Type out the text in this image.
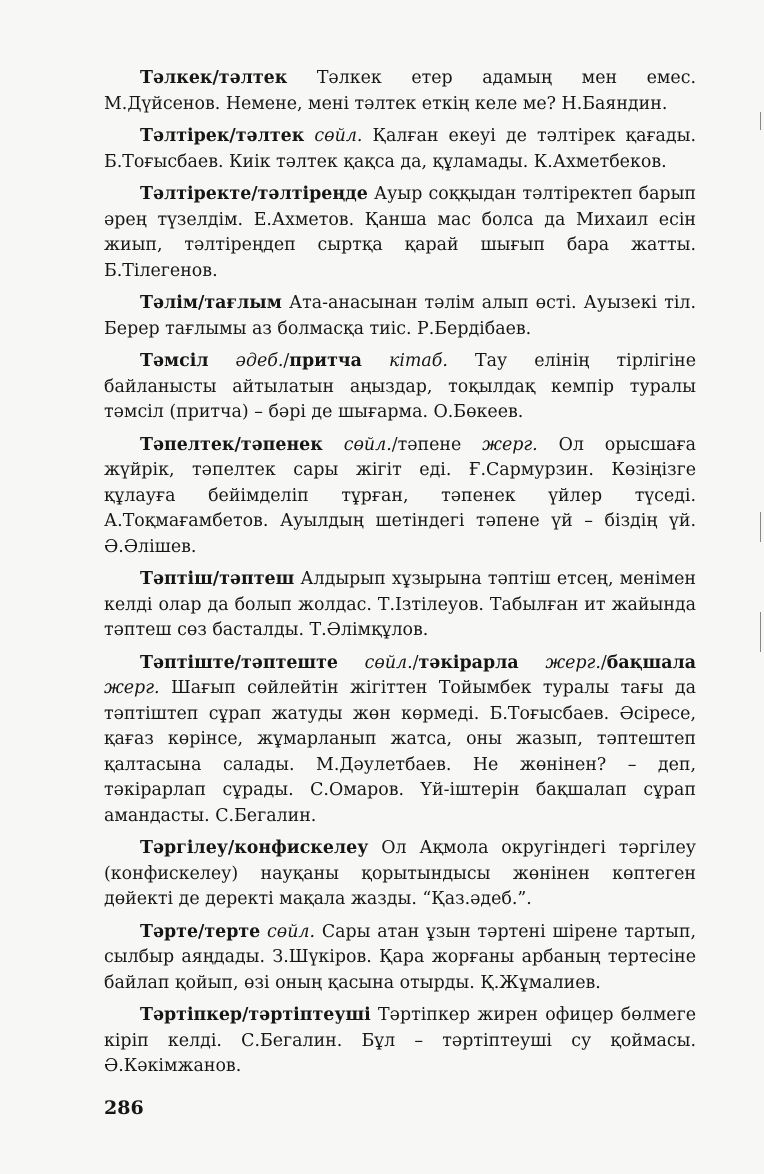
Тәлкек/тәлтек Тәлкек етер адамың мен емес. М.Дүйсенов. Немене, мені тәлтек еткің келе ме? Н.Баяндин.

Тәлтірек/тәлтек сөйл. Қалған екеуі де тәлтірек қағады. Б.Тоғысбаев. Киік тәлтек қақса да, құламады. К.Ахметбеков.

Тәлтіректе/тәлтіреңде Ауыр соққыдан тәлтіректеп барып әрең түзелдім. Е.Ахметов. Қанша мас болса да Михаил есін жиып, тәлтіреңдеп сыртқа қарай шығып бара жатты. Б.Тілегенов.

Тәлім/тағлым Ата-анасынан тәлім алып өсті. Ауызекі тіл. Берер тағлымы аз болмасқа тиіс. Р.Бердібаев.

Тәмсіл әдеб./притча кітаб. Тау елінің тірлігіне байланысты айтылатын аңыздар, тоқылдақ кемпір туралы тәмсіл (притча) – бәрі де шығарма. О.Бөкеев.

Тәпелтек/тәпенек сөйл./тәпене жерг. Ол орысшаға жүйрік, тәпелтек сары жігіт еді. Ғ.Сармурзин. Көзіңізге құлауға бейімделіп тұрған, тәпенек үйлер түседі. А.Тоқмағамбетов. Ауылдың шетіндегі тәпене үй – біздің үй. Ә.Әлішев.

Тәптіш/тәптеш Алдырып хұзырына тәптіш етсең, менімен келді олар да болып жолдас. Т.Ізтілеуов. Табылған ит жайында тәптеш сөз басталды. Т.Әлімқұлов.

Тәптіште/тәптеште сөйл./тәкірарла жерг./бақшала жерг. Шағып сөйлейтін жігіттен Тойымбек туралы тағы да тәптіштеп сұрап жатуды жөн көрмеді. Б.Тоғысбаев. Әсіресе, қағаз көрінсе, жұмарланып жатса, оны жазып, тәптештеп қалтасына салады. М.Дәулетбаев. Не жөнінен? – деп, тәкірарлап сұрады. С.Омаров. Үй-іштерін бақшалап сұрап амандасты. С.Бегалин.

Тәргілеу/конфискелеу Ол Ақмола округіндегі тәргілеу (конфискелеу) науқаны қорытындысы жөнінен көптеген дөйекті де деректі мақала жазды. “Қаз.әдеб.”.

Тәрте/терте сөйл. Сары атан ұзын тәртені шірене тартып, сылбыр аяңдады. З.Шүкіров. Қара жорғаны арбаның тертесіне байлап қойып, өзі оның қасына отырды. Қ.Жұмалиев.

Тәртіпкер/тәртіптеуші Тәртіпкер жирен офицер бөлмеге кіріп келді. С.Бегалин. Бұл – тәртіптеуші су қоймасы. Ә.Кәкімжанов.

286
